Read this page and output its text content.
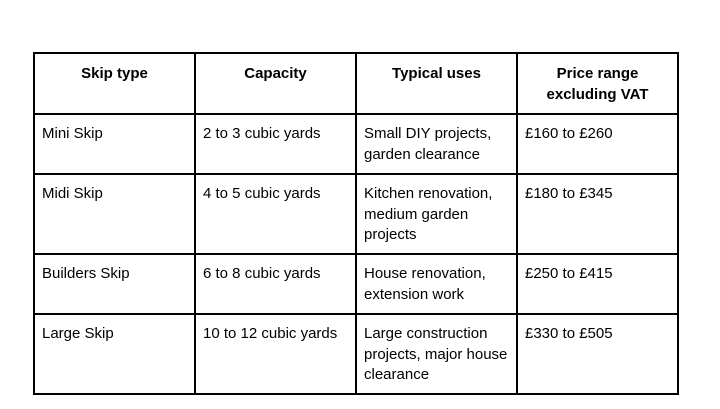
Skip type	Capacity	Typical uses	Price range excluding VAT
Mini Skip	2 to 3 cubic yards	Small DIY projects, garden clearance	£160 to £260
Midi Skip	4 to 5 cubic yards	Kitchen renovation, medium garden projects	£180 to £345
Builders Skip	6 to 8 cubic yards	House renovation, extension work	£250 to £415
Large Skip	10 to 12 cubic yards	Large construction projects, major house clearance	£330 to £505
